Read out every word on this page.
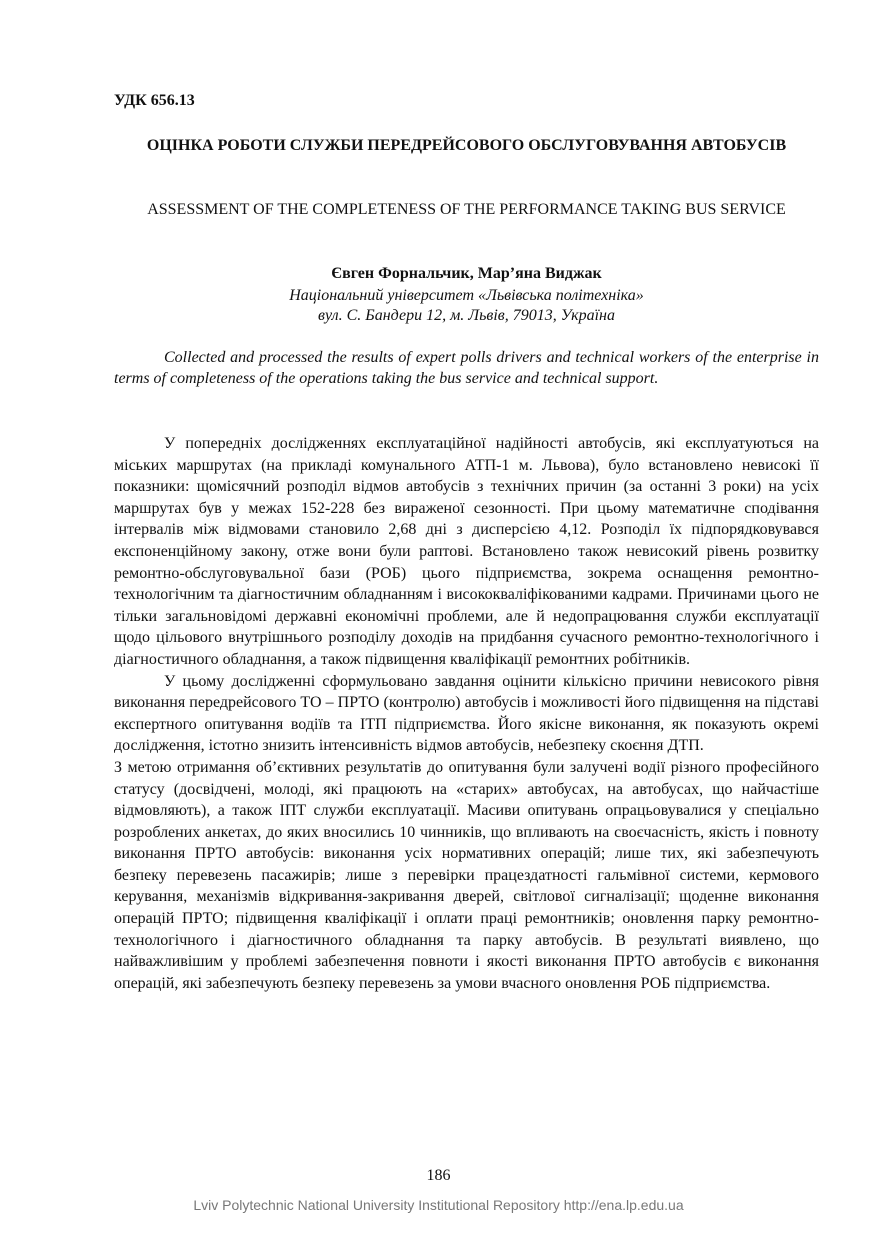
УДК 656.13
ОЦІНКА РОБОТИ СЛУЖБИ ПЕРЕДРЕЙСОВОГО ОБСЛУГОВУВАННЯ АВТОБУСІВ
ASSESSMENT OF THE COMPLETENESS OF THE PERFORMANCE TAKING BUS SERVICE
Євген Форнальчик, Мар’яна Виджак
Національний університет «Львівська політехніка»
вул. С. Бандери 12, м. Львів, 79013, Україна

Collected and processed the results of expert polls drivers and technical workers of the enterprise in terms of completeness of the operations taking the bus service and technical support.

У попередніх дослідженнях експлуатаційної надійності автобусів, які експлуатуються на міських маршрутах (на прикладі комунального АТП-1 м. Львова), було встановлено невисокі її показники: щомісячний розподіл відмов автобусів з технічних причин (за останні 3 роки) на усіх маршрутах був у межах 152-228 без вираженої сезонності. При цьому математичне сподівання інтервалів між відмовами становило 2,68 дні з дисперсією 4,12. Розподіл їх підпорядковувався експоненційному закону, отже вони були раптові. Встановлено також невисокий рівень розвитку ремонтно-обслуговувальної бази (РОБ) цього підприємства, зокрема оснащення ремонтно-технологічним та діагностичним обладнанням і висококваліфікованими кадрами. Причинами цього не тільки загальновідомі державні економічні проблеми, але й недопрацювання служби експлуатації щодо цільового внутрішнього розподілу доходів на придбання сучасного ремонтно-технологічного і діагностичного обладнання, а також підвищення кваліфікації ремонтних робітників.

У цьому дослідженні сформульовано завдання оцінити кількісно причини невисокого рівня виконання передрейсового ТО – ПРТО (контролю) автобусів і можливості його підвищення на підставі експертного опитування водіїв та ІТП підприємства. Його якісне виконання, як показують окремі дослідження, істотно знизить інтенсивність відмов автобусів, небезпеку скоєння ДТП.

З метою отримання об’єктивних результатів до опитування були залучені водії різного професійного статусу (досвідчені, молоді, які працюють на «старих» автобусах, на автобусах, що найчастіше відмовляють), а також ІПТ служби експлуатації. Масиви опитувань опрацьовувалися у спеціально розроблених анкетах, до яких вносились 10 чинників, що впливають на своєчасність, якість і повноту виконання ПРТО автобусів: виконання усіх нормативних операцій; лише тих, які забезпечують безпеку перевезень пасажирів; лише з перевірки працездатності гальмівної системи, кермового керування, механізмів відкривання-закривання дверей, світлової сигналізації; щоденне виконання операцій ПРТО; підвищення кваліфікації і оплати праці ремонтників; оновлення парку ремонтно-технологічного і діагностичного обладнання та парку автобусів. В результаті виявлено, що найважливішим у проблемі забезпечення повноти і якості виконання ПРТО автобусів є виконання операцій, які забезпечують безпеку перевезень за умови вчасного оновлення РОБ підприємства.

186
Lviv Polytechnic National University Institutional Repository http://ena.lp.edu.ua
